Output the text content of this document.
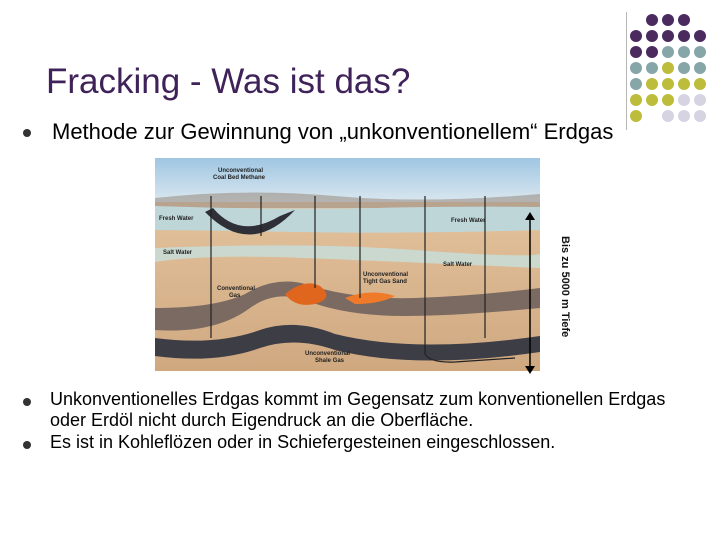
Fracking - Was ist das?
Methode zur Gewinnung von „unkonventionellem“ Erdgas
Unconventional
Coal Bed Methane
Fresh Water	Fresh Water
Salt Water
Salt Water
Unconventional
Tight Gas Sand
Conventional
Gas
Unconventional
Shale Gas
Bis zu 5000 m Tiefe
Unkonventionelles Erdgas kommt im Gegensatz zum konventionellen Erdgas oder Erdöl nicht durch Eigendruck an die Oberfläche.
Es ist in Kohleflözen oder in Schiefergesteinen eingeschlossen.
